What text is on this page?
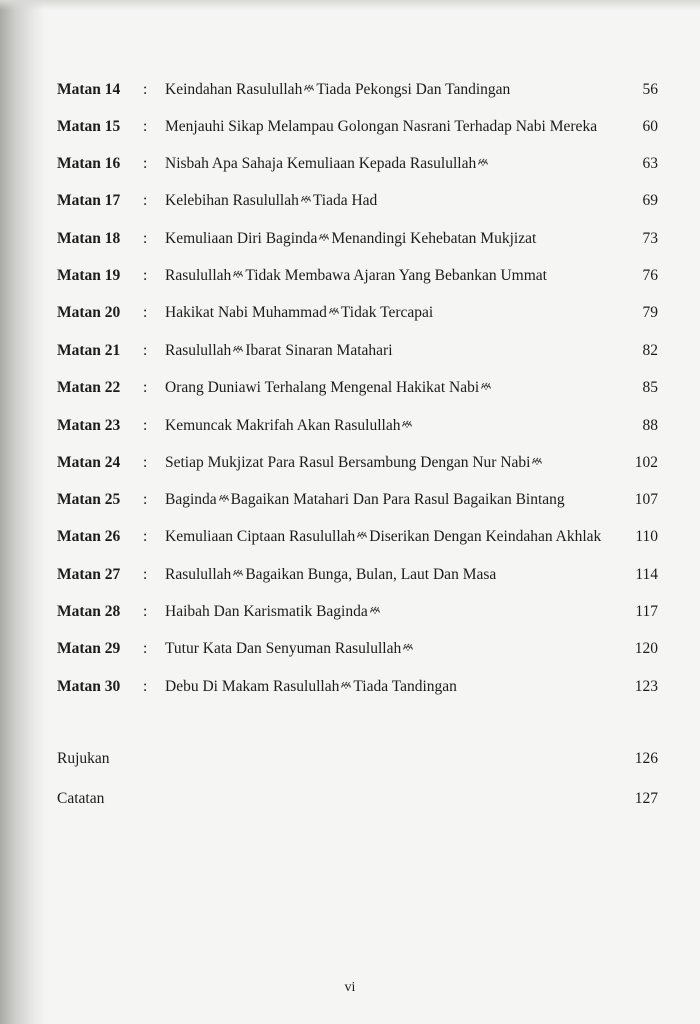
Matan 14 : Keindahan Rasulullah Tiada Pekongsi Dan Tandingan	56
Matan 15 : Menjauhi Sikap Melampau Golongan Nasrani Terhadap Nabi Mereka	60
Matan 16 : Nisbah Apa Sahaja Kemuliaan Kepada Rasulullah	63
Matan 17 : Kelebihan Rasulullah Tiada Had	69
Matan 18 : Kemuliaan Diri Baginda Menandingi Kehebatan Mukjizat	73
Matan 19 : Rasulullah Tidak Membawa Ajaran Yang Bebankan Ummat	76
Matan 20 : Hakikat Nabi Muhammad Tidak Tercapai	79
Matan 21 : Rasulullah Ibarat Sinaran Matahari	82
Matan 22 : Orang Duniawi Terhalang Mengenal Hakikat Nabi	85
Matan 23 : Kemuncak Makrifah Akan Rasulullah	88
Matan 24 : Setiap Mukjizat Para Rasul Bersambung Dengan Nur Nabi	102
Matan 25 : Baginda Bagaikan Matahari Dan Para Rasul Bagaikan Bintang	107
Matan 26 : Kemuliaan Ciptaan Rasulullah Diserikan Dengan Keindahan Akhlak 110
Matan 27 : Rasulullah Bagaikan Bunga, Bulan, Laut Dan Masa	114
Matan 28 : Haibah Dan Karismatik Baginda	117
Matan 29 : Tutur Kata Dan Senyuman Rasulullah	120
Matan 30 : Debu Di Makam Rasulullah Tiada Tandingan	123
Rujukan	126
Catatan	127
vi
